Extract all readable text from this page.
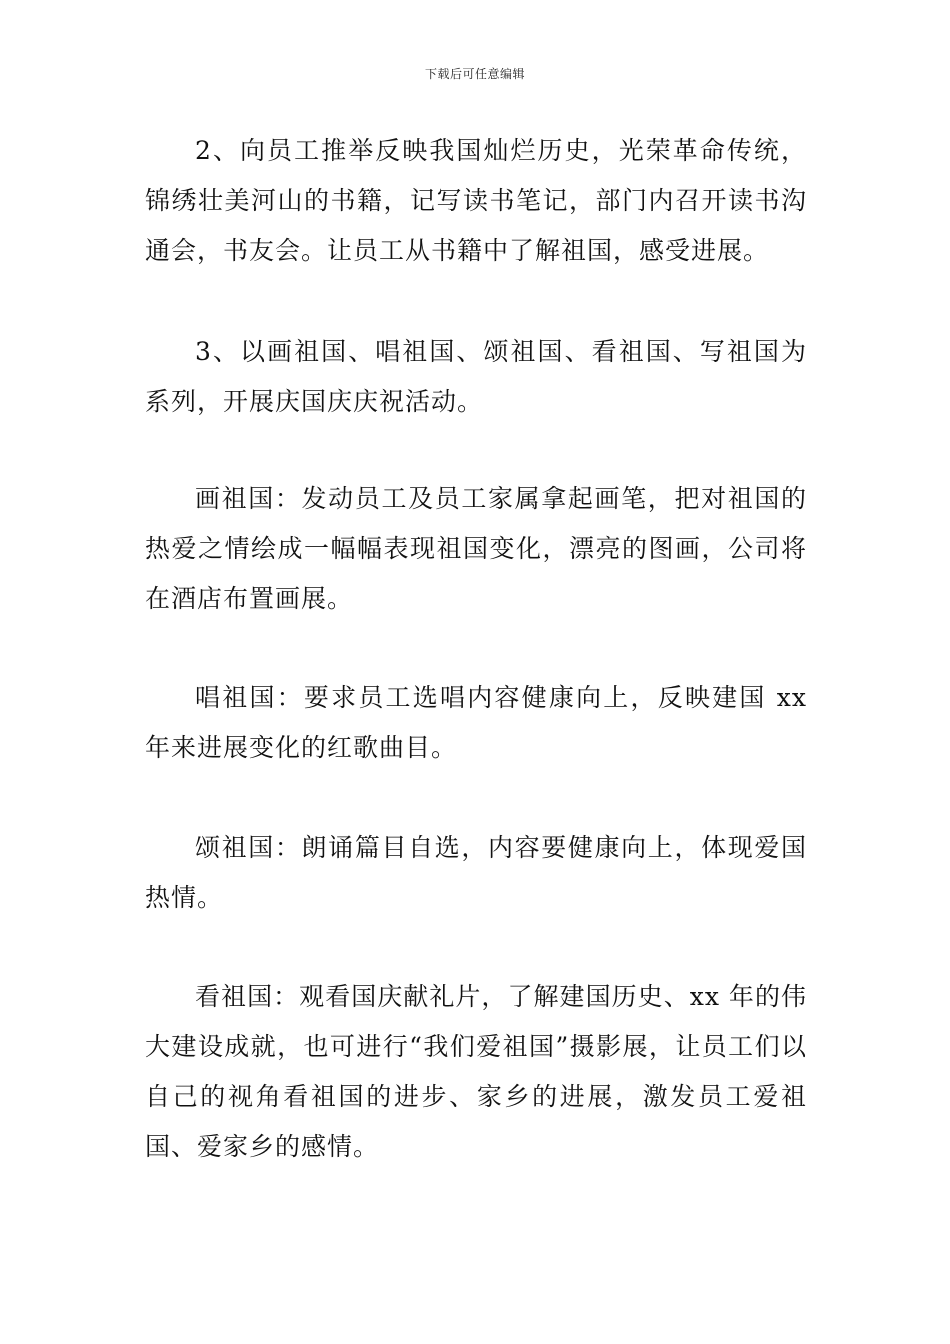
下载后可任意编辑

2、向员工推举反映我国灿烂历史，光荣革命传统，锦绣壮美河山的书籍，记写读书笔记，部门内召开读书沟通会，书友会。让员工从书籍中了解祖国，感受进展。

3、以画祖国、唱祖国、颂祖国、看祖国、写祖国为系列，开展庆国庆庆祝活动。

画祖国：发动员工及员工家属拿起画笔，把对祖国的热爱之情绘成一幅幅表现祖国变化，漂亮的图画，公司将在酒店布置画展。

唱祖国：要求员工选唱内容健康向上，反映建国 xx 年来进展变化的红歌曲目。

颂祖国：朗诵篇目自选，内容要健康向上，体现爱国热情。

看祖国：观看国庆献礼片，了解建国历史、xx 年的伟大建设成就，也可进行“我们爱祖国”摄影展，让员工们以自己的视角看祖国的进步、家乡的进展，激发员工爱祖国、爱家乡的感情。
